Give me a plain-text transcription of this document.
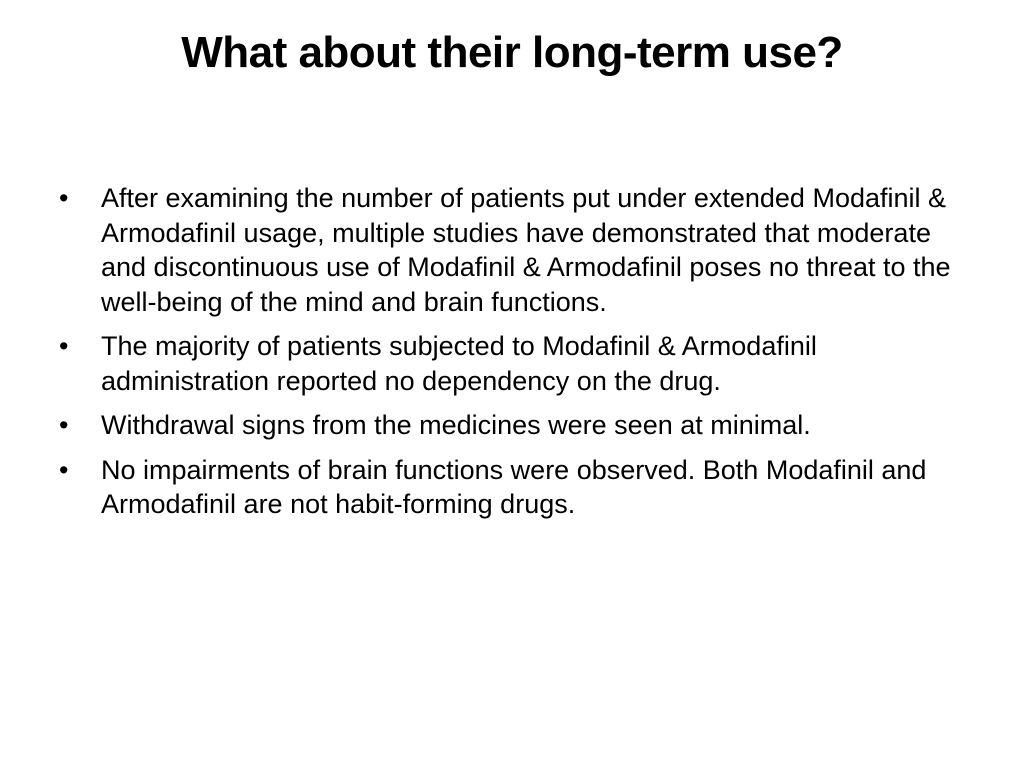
What about their long-term use?
• After examining the number of patients put under extended Modafinil & Armodafinil usage, multiple studies have demonstrated that moderate and discontinuous use of Modafinil & Armodafinil poses no threat to the well-being of the mind and brain functions.
• The majority of patients subjected to Modafinil & Armodafinil administration reported no dependency on the drug.
• Withdrawal signs from the medicines were seen at minimal.
• No impairments of brain functions were observed. Both Modafinil and Armodafinil are not habit-forming drugs.
